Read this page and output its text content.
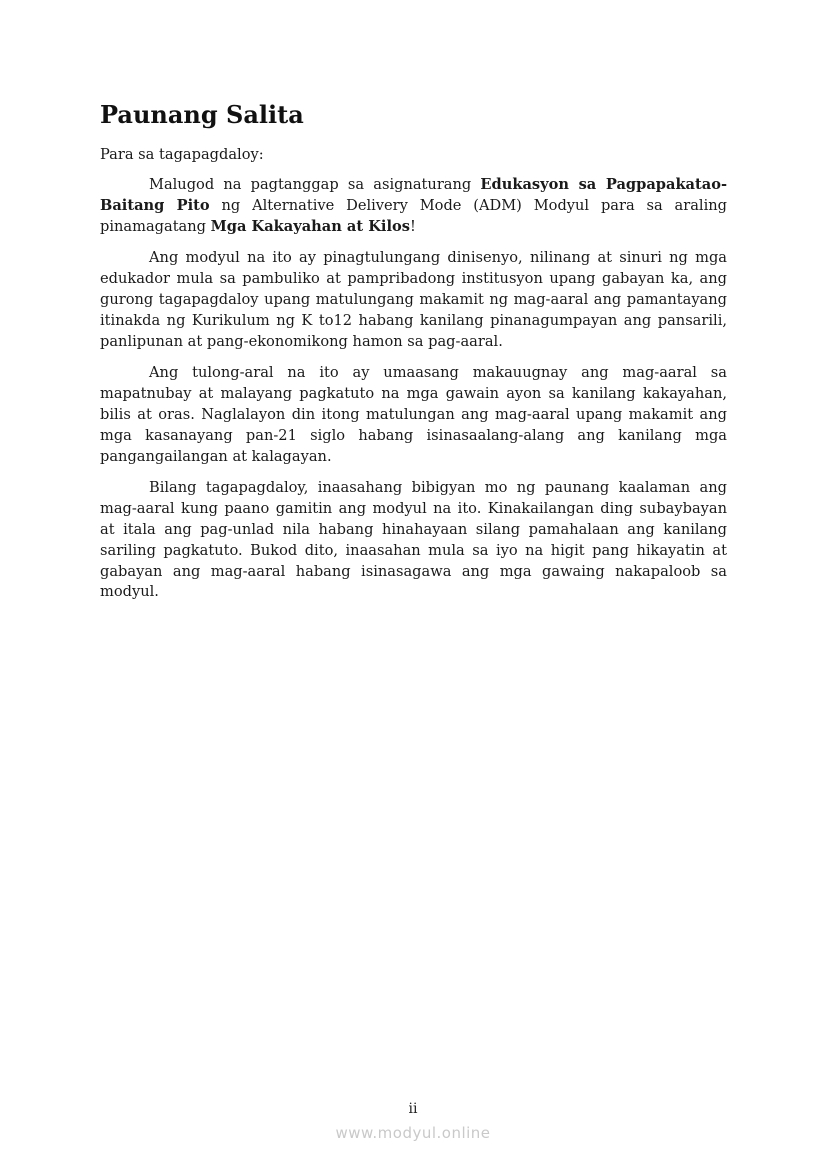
Paunang Salita
Para sa tagapagdaloy:

Malugod na pagtanggap sa asignaturang Edukasyon sa Pagpapakatao- Baitang Pito ng Alternative Delivery Mode (ADM) Modyul para sa araling pinamagatang Mga Kakayahan at Kilos!

Ang modyul na ito ay pinagtulungang dinisenyo, nilinang at sinuri ng mga edukador mula sa pambuliko at pampribadong institusyon upang gabayan ka, ang gurong tagapagdaloy upang matulungang makamit ng mag-aaral ang pamantayang itinakda ng Kurikulum ng K to12 habang kanilang pinanagumpayan ang pansarili, panlipunan at pang-ekonomikong hamon sa pag-aaral.

Ang tulong-aral na ito ay umaasang makauugnay ang mag-aaral sa mapatnubay at malayang pagkatuto na mga gawain ayon sa kanilang kakayahan, bilis at oras. Naglalayon din itong matulungan ang mag-aaral upang makamit ang mga kasanayang pan-21 siglo habang isinasaalang-alang ang kanilang mga pangangailangan at kalagayan.

Bilang tagapagdaloy, inaasahang bibigyan mo ng paunang kaalaman ang mag-aaral kung paano gamitin ang modyul na ito. Kinakailangan ding subaybayan at itala ang pag-unlad nila habang hinahayaan silang pamahalaan ang kanilang sariling pagkatuto. Bukod dito, inaasahan mula sa iyo na higit pang hikayatin at gabayan ang mag-aaral habang isinasagawa ang mga gawaing nakapaloob sa modyul.

ii
www.modyul.online
